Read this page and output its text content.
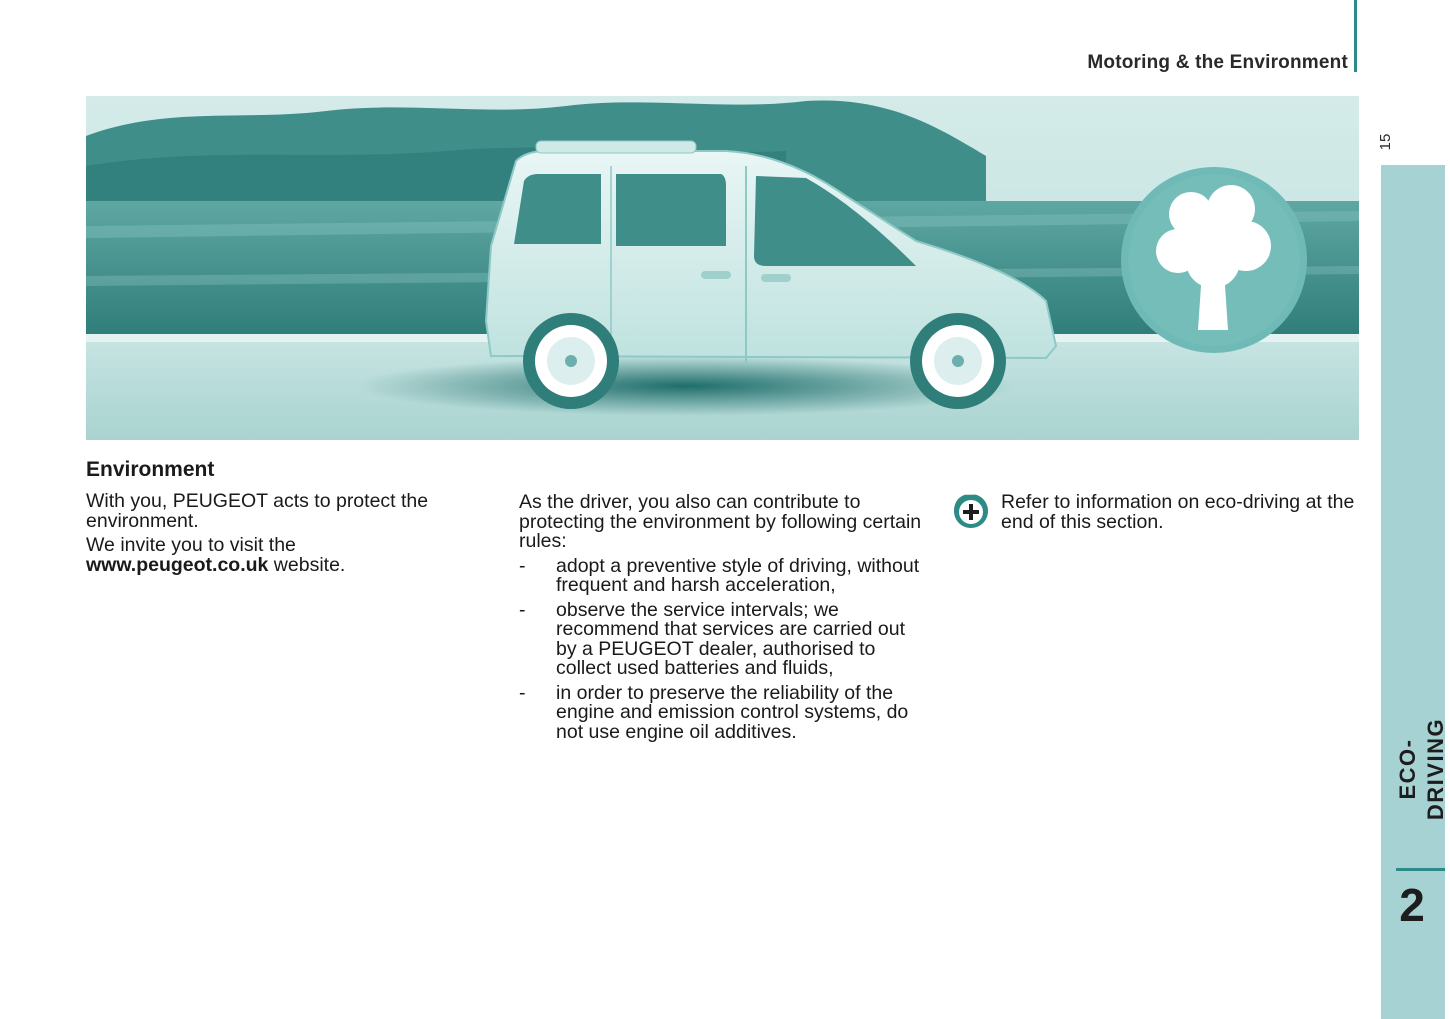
Motoring & the Environment
15
ECO-DRIVING
2
Environment

With you, PEUGEOT acts to protect the environment.

We invite you to visit the
www.peugeot.co.uk website.

As the driver, you also can contribute to protecting the environment by following certain rules:

- adopt a preventive style of driving, without frequent and harsh acceleration,
- observe the service intervals; we recommend that services are carried out by a PEUGEOT dealer, authorised to collect used batteries and fluids,
- in order to preserve the reliability of the engine and emission control systems, do not use engine oil additives.

Refer to information on eco-driving at the end of this section.
